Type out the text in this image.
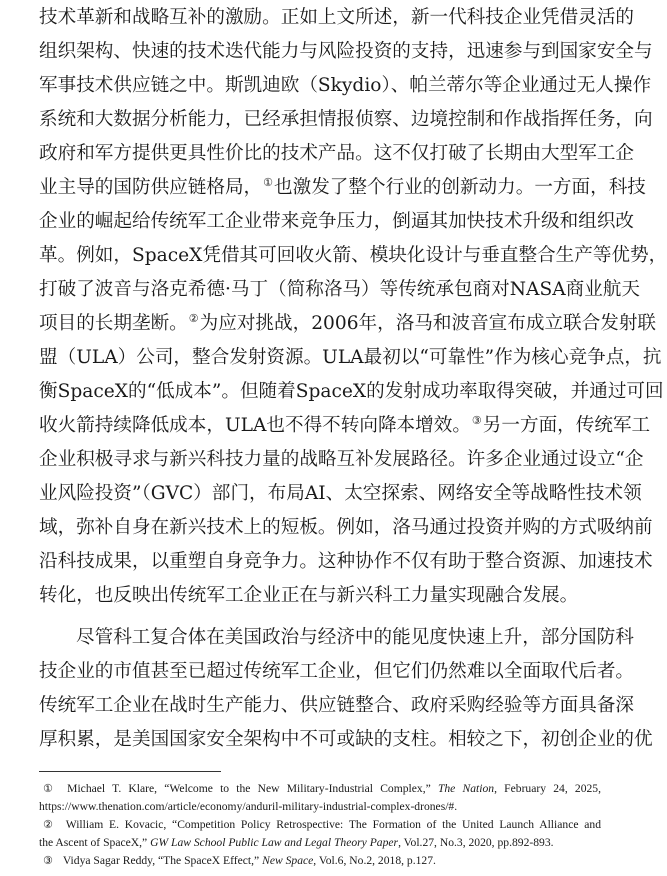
技术革新和战略互补的激励。正如上文所述，新一代科技企业凭借灵活的
组织架构、快速的技术迭代能力与风险投资的支持，迅速参与到国家安全与
军事技术供应链之中。斯凯迪欧（Skydio）、帕兰蒂尔等企业通过无人操作
系统和大数据分析能力，已经承担情报侦察、边境控制和作战指挥任务，向
政府和军方提供更具性价比的技术产品。这不仅打破了长期由大型军工企
业主导的国防供应链格局，①也激发了整个行业的创新动力。一方面，科技
企业的崛起给传统军工企业带来竞争压力，倒逼其加快技术升级和组织改
革。例如，SpaceX凭借其可回收火箭、模块化设计与垂直整合生产等优势，
打破了波音与洛克希德·马丁（简称洛马）等传统承包商对NASA商业航天
项目的长期垄断。②为应对挑战，2006年，洛马和波音宣布成立联合发射联
盟（ULA）公司，整合发射资源。ULA最初以“可靠性”作为核心竞争点，抗
衡SpaceX的“低成本”。但随着SpaceX的发射成功率取得突破，并通过可回
收火箭持续降低成本，ULA也不得不转向降本增效。③另一方面，传统军工
企业积极寻求与新兴科技力量的战略互补发展路径。许多企业通过设立“企
业风险投资”（GVC）部门，布局AI、太空探索、网络安全等战略性技术领
域，弥补自身在新兴技术上的短板。例如，洛马通过投资并购的方式吸纳前
沿科技成果，以重塑自身竞争力。这种协作不仅有助于整合资源、加速技术
转化，也反映出传统军工企业正在与新兴科工力量实现融合发展。
尽管科工复合体在美国政治与经济中的能见度快速上升，部分国防科
技企业的市值甚至已超过传统军工企业，但它们仍然难以全面取代后者。
传统军工企业在战时生产能力、供应链整合、政府采购经验等方面具备深
厚积累，是美国国家安全架构中不可或缺的支柱。相较之下，初创企业的优
① Michael T. Klare, “Welcome to the New Military-Industrial Complex,” The Nation, February 24, 2025,
https://www.thenation.com/article/economy/anduril-military-industrial-complex-drones/#.
② William E. Kovacic, “Competition Policy Retrospective: The Formation of the United Launch Alliance and
the Ascent of SpaceX,” GW Law School Public Law and Legal Theory Paper, Vol.27, No.3, 2020, pp.892-893.
③ Vidya Sagar Reddy, “The SpaceX Effect,” New Space, Vol.6, No.2, 2018, p.127.
